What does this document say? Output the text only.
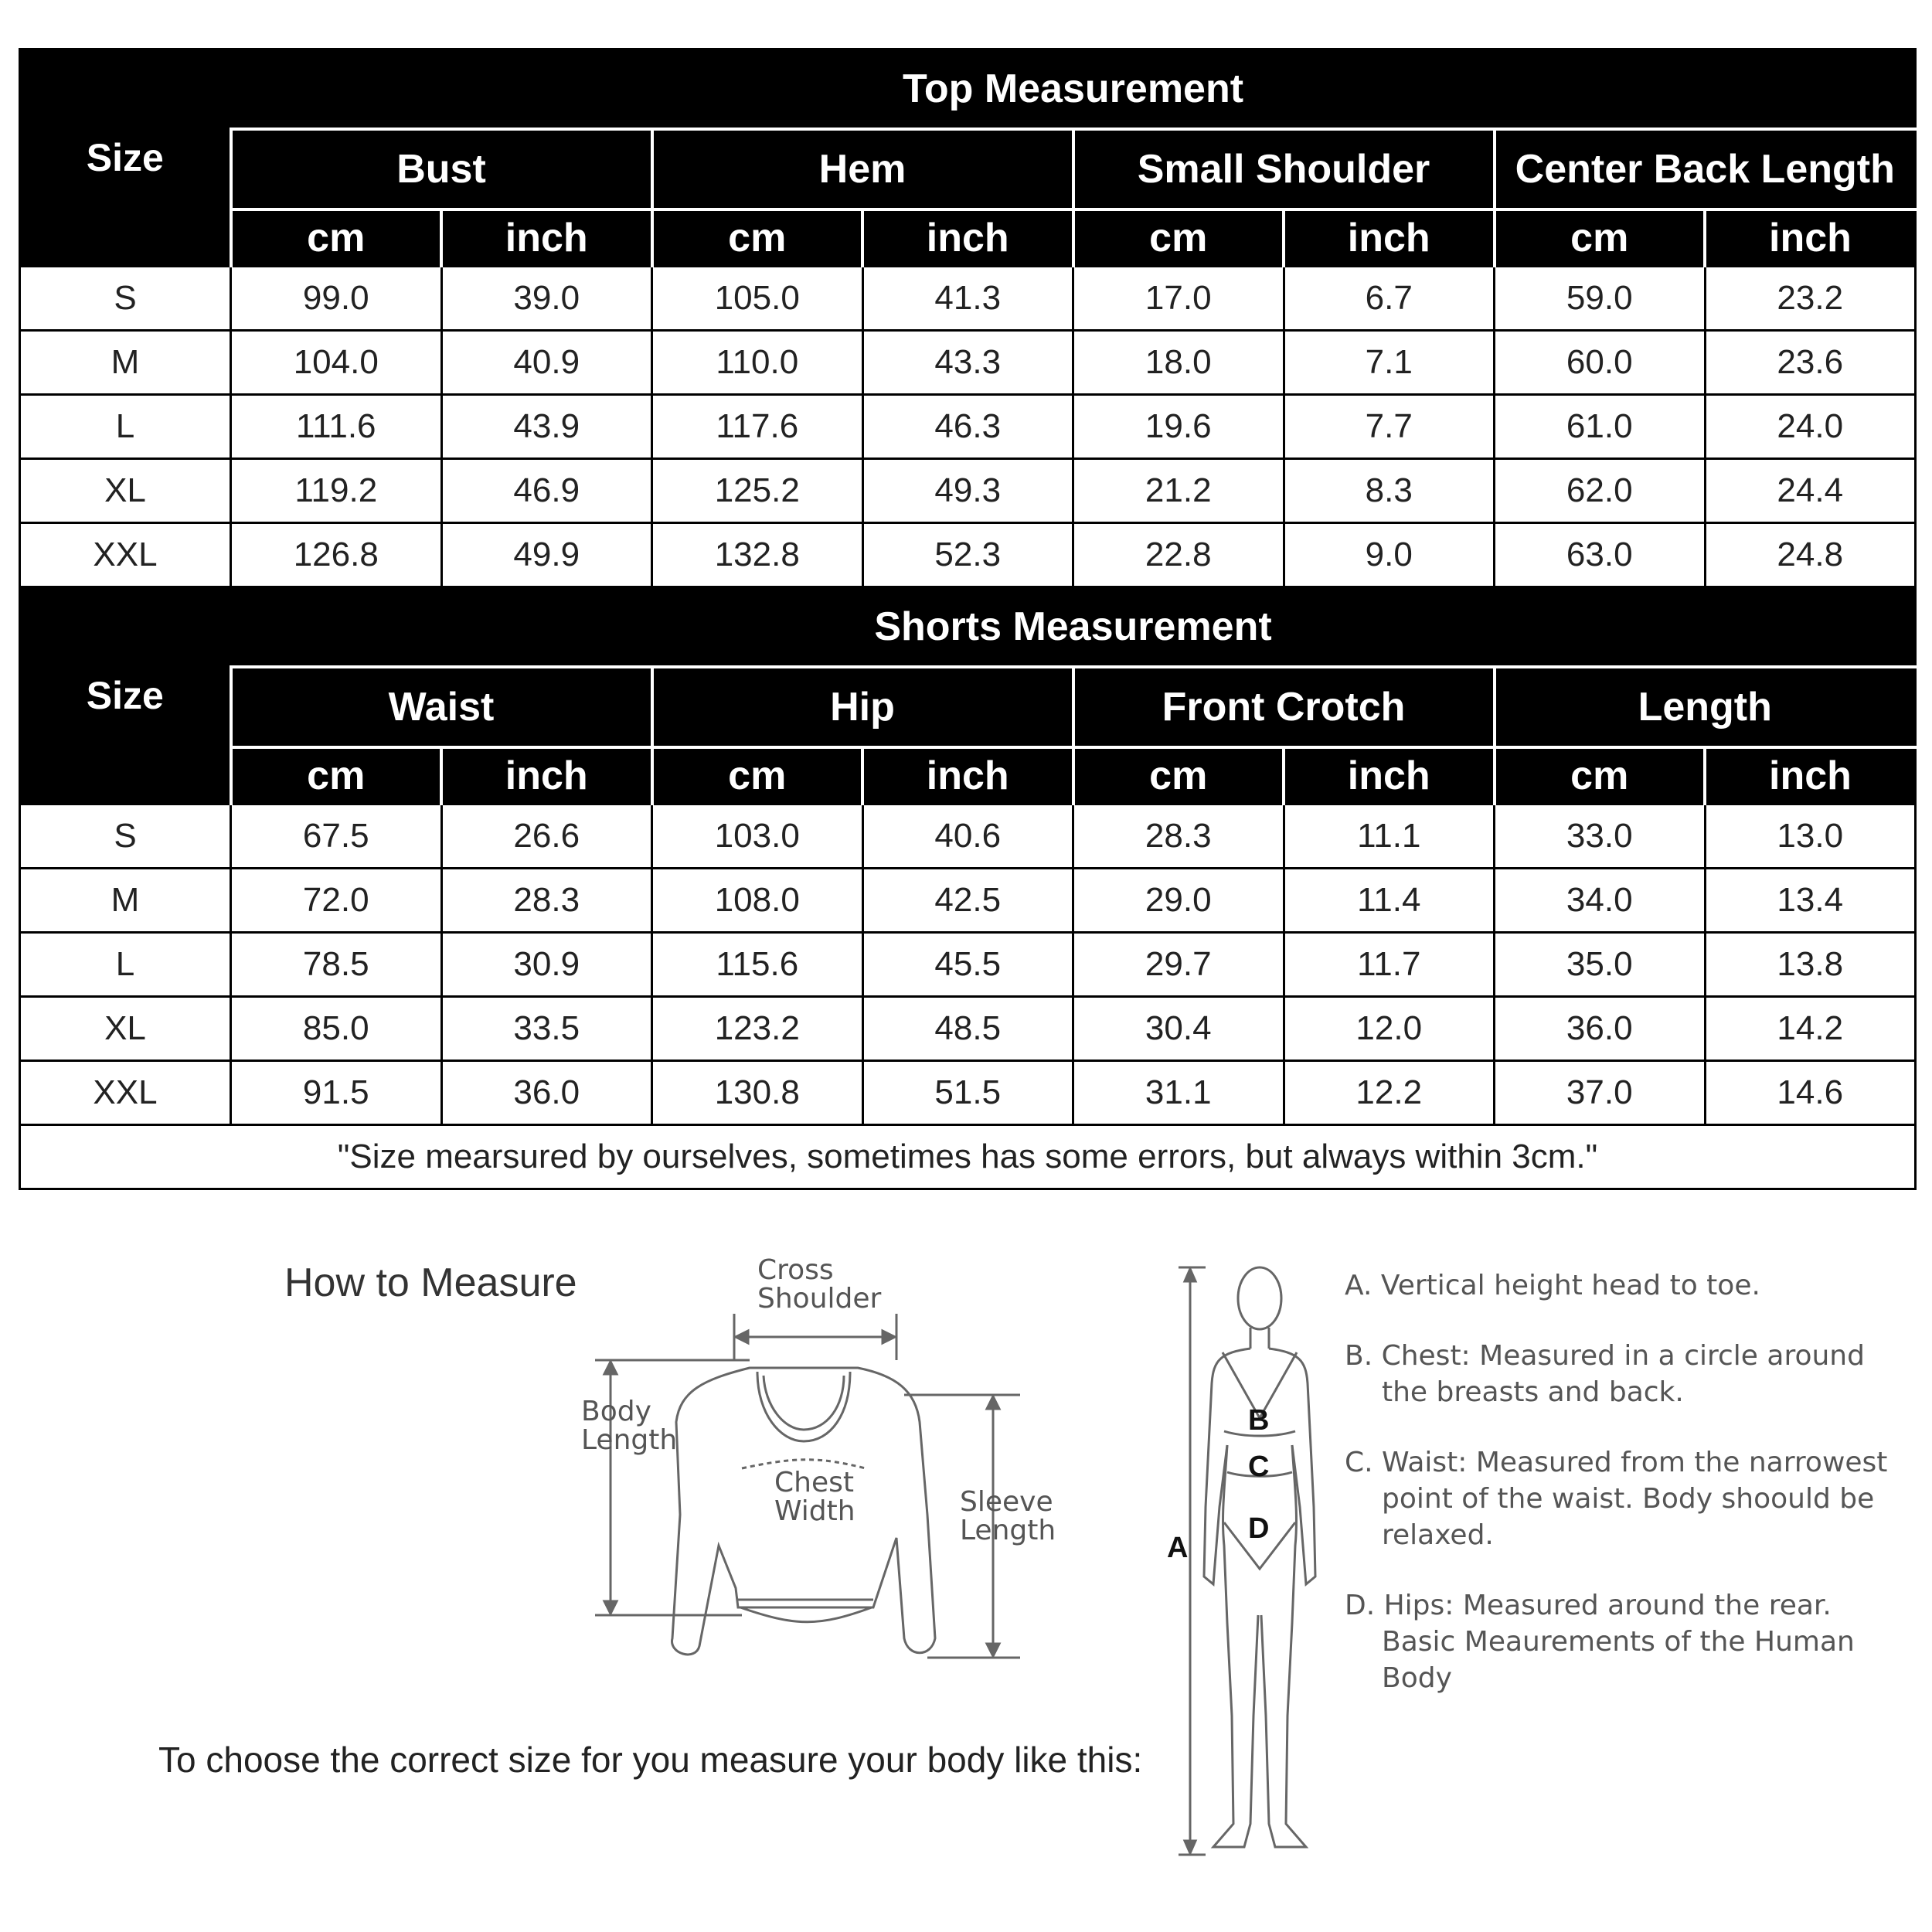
Size	Top Measurement							
	Bust		Hem		Small Shoulder		Center Back Length	
	cm	inch	cm	inch	cm	inch	cm	inch
S	99.0	39.0	105.0	41.3	17.0	6.7	59.0	23.2
M	104.0	40.9	110.0	43.3	18.0	7.1	60.0	23.6
L	111.6	43.9	117.6	46.3	19.6	7.7	61.0	24.0
XL	119.2	46.9	125.2	49.3	21.2	8.3	62.0	24.4
XXL	126.8	49.9	132.8	52.3	22.8	9.0	63.0	24.8
Size	Shorts Measurement							
	Waist		Hip		Front Crotch		Length	
	cm	inch	cm	inch	cm	inch	cm	inch
S	67.5	26.6	103.0	40.6	28.3	11.1	33.0	13.0
M	72.0	28.3	108.0	42.5	29.0	11.4	34.0	13.4
L	78.5	30.9	115.6	45.5	29.7	11.7	35.0	13.8
XL	85.0	33.5	123.2	48.5	30.4	12.0	36.0	14.2
XXL	91.5	36.0	130.8	51.5	31.1	12.2	37.0	14.6
"Size mearsured by ourselves, sometimes has some errors, but always within 3cm."								
How to Measure	Cross
Shoulder
Body
Length
Chest
Width	Sleeve
Length
To choose the correct size for you measure your body like this:
B
C
D
A

A. Vertical height head to toe.

B. Chest: Measured in a circle around the breasts and back.

C. Waist: Measured from the narrowest point of the waist. Body shoould be relaxed.

D. Hips: Measured around the rear. Basic Meaurements of the Human Body
